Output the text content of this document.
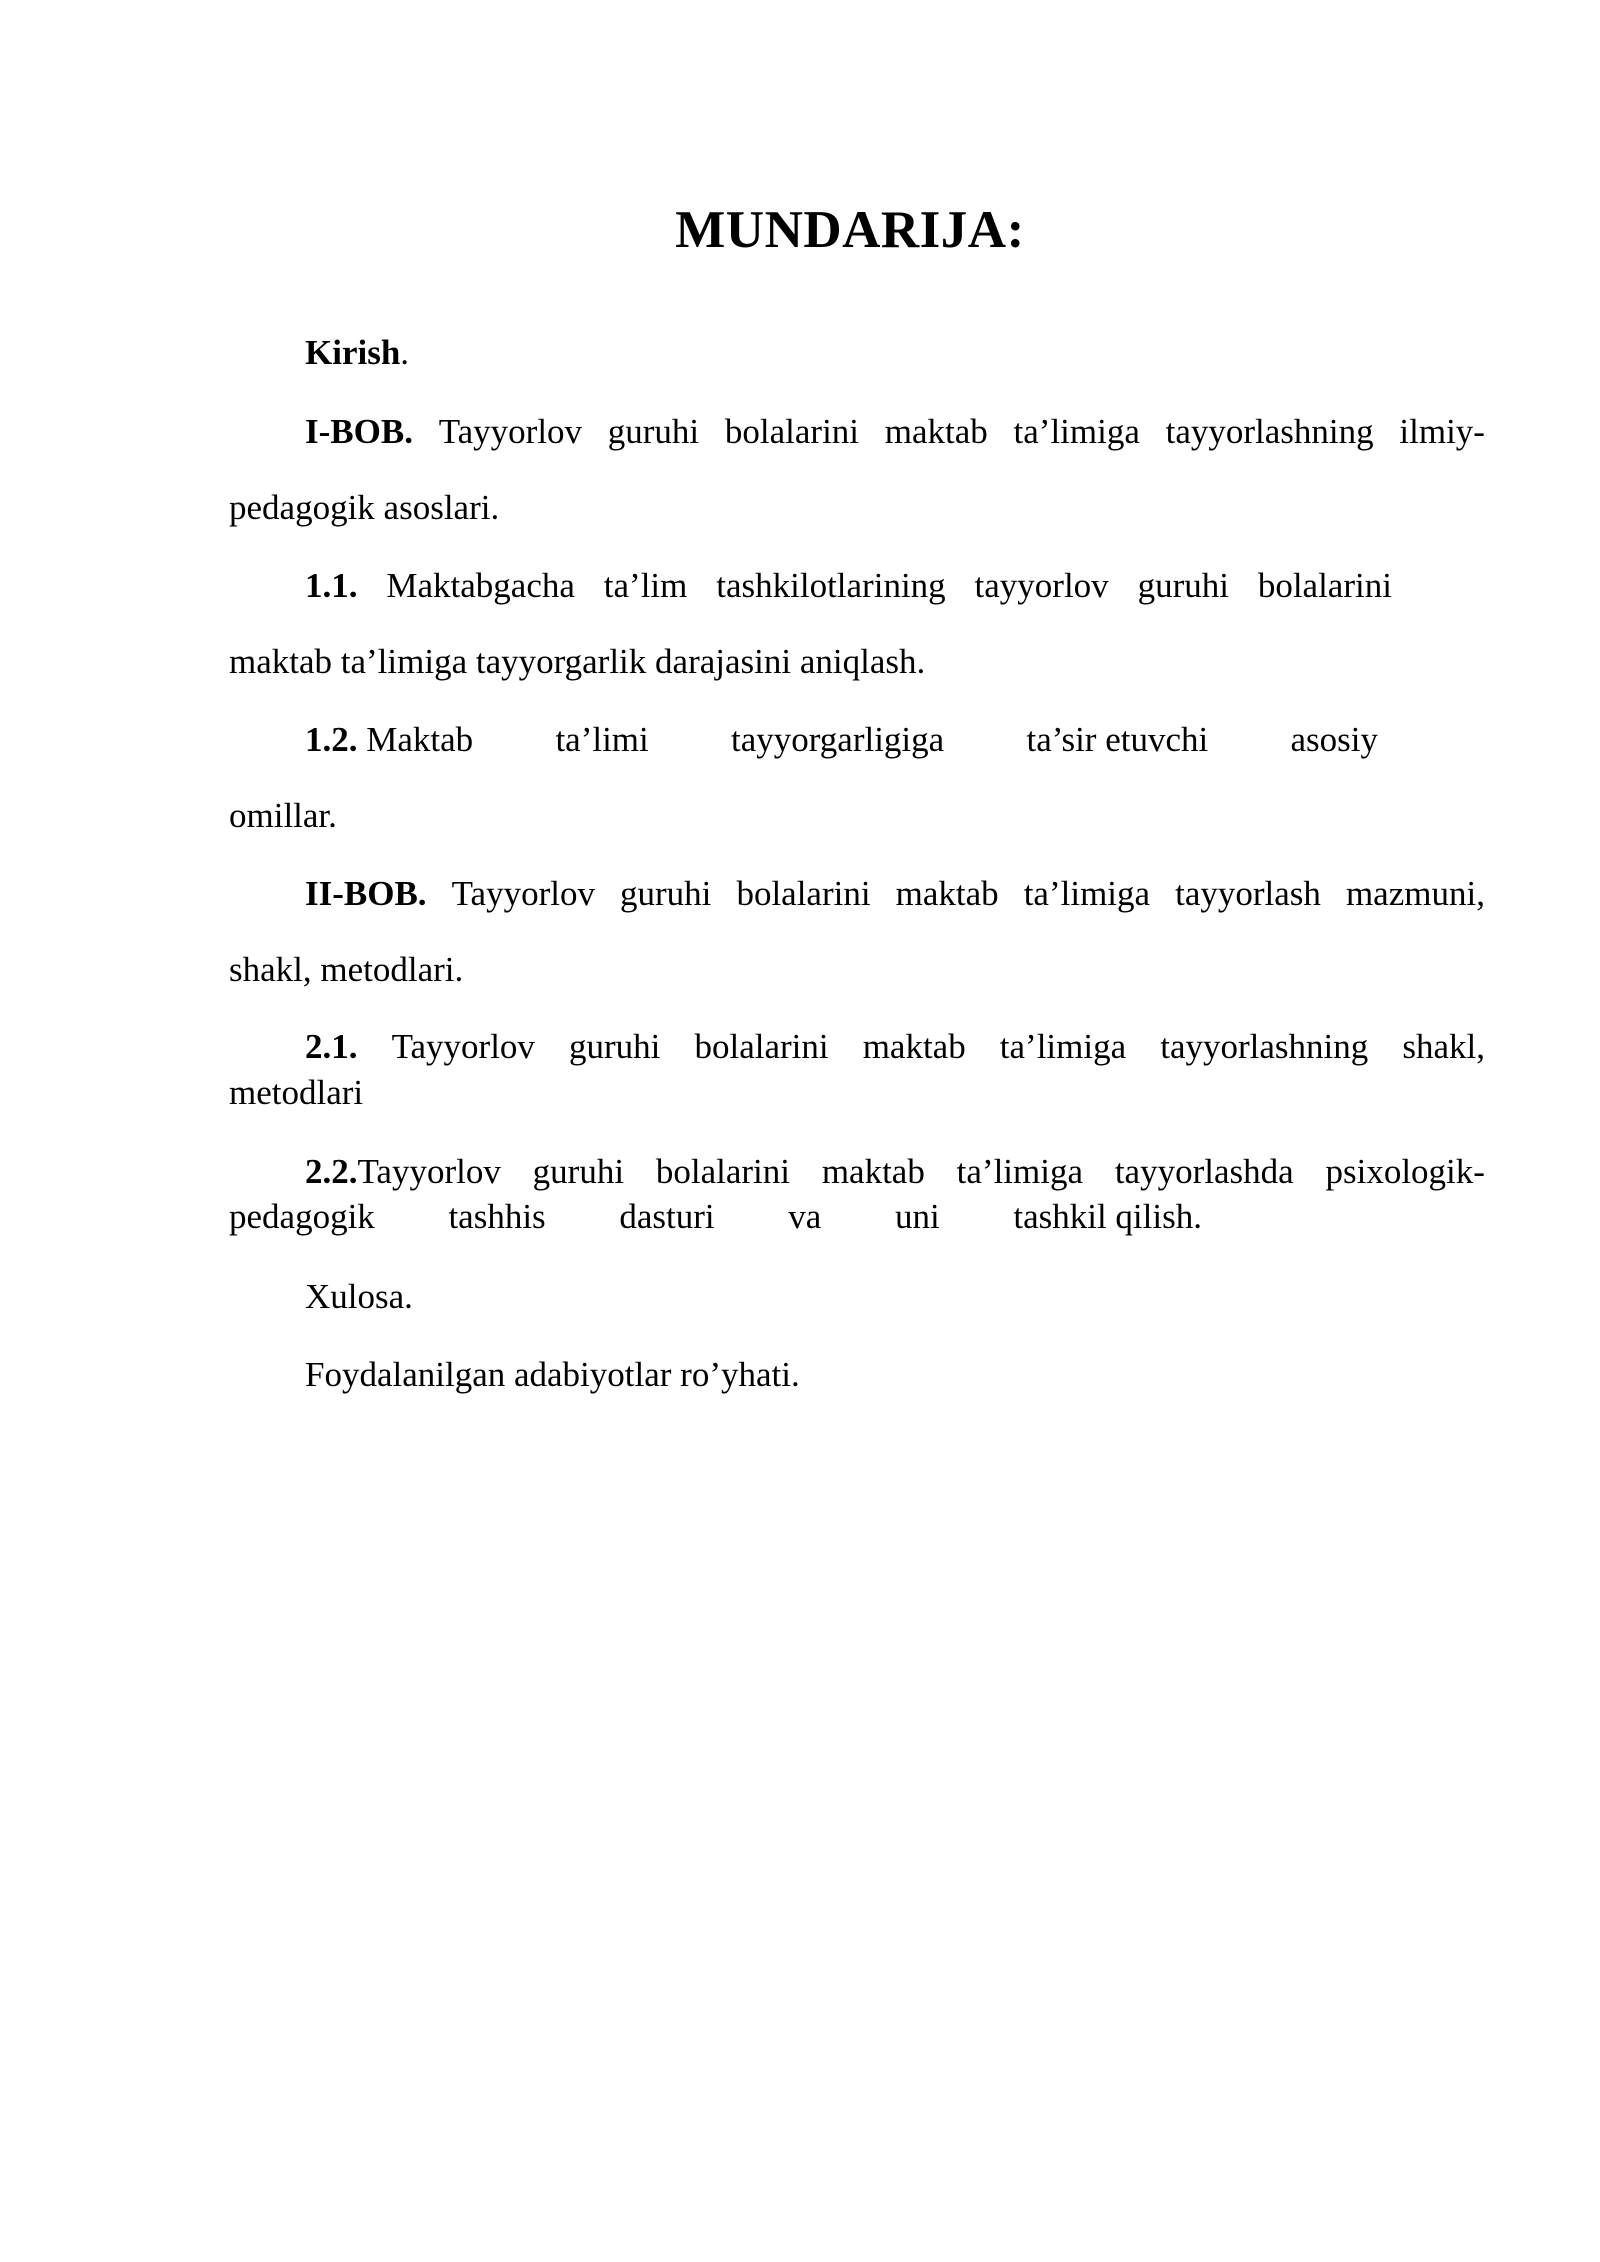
MUNDARIJA:
Kirish.
I-BOB. Tayyorlov guruhi bolalarini maktab ta’limiga tayyorlashning ilmiy-
pedagogik asoslari.
1.1. Maktabgacha ta’lim tashkilotlarining tayyorlov guruhi bolalarini
maktab ta’limiga tayyorgarlik darajasini aniqlash.
1.2. Maktab ta’limi tayyorgarligiga ta’sir etuvchi asosiy
omillar.
II-BOB. Tayyorlov guruhi bolalarini maktab ta’limiga tayyorlash mazmuni,
shakl, metodlari.
2.1. Tayyorlov guruhi bolalarini maktab ta’limiga tayyorlashning shakl,
metodlari
2.2.Tayyorlov guruhi bolalarini maktab ta’limiga tayyorlashda psixologik-
pedagogik tashhis dasturi va uni tashkil qilish.
Xulosa.
Foydalanilgan adabiyotlar ro’yhati.
